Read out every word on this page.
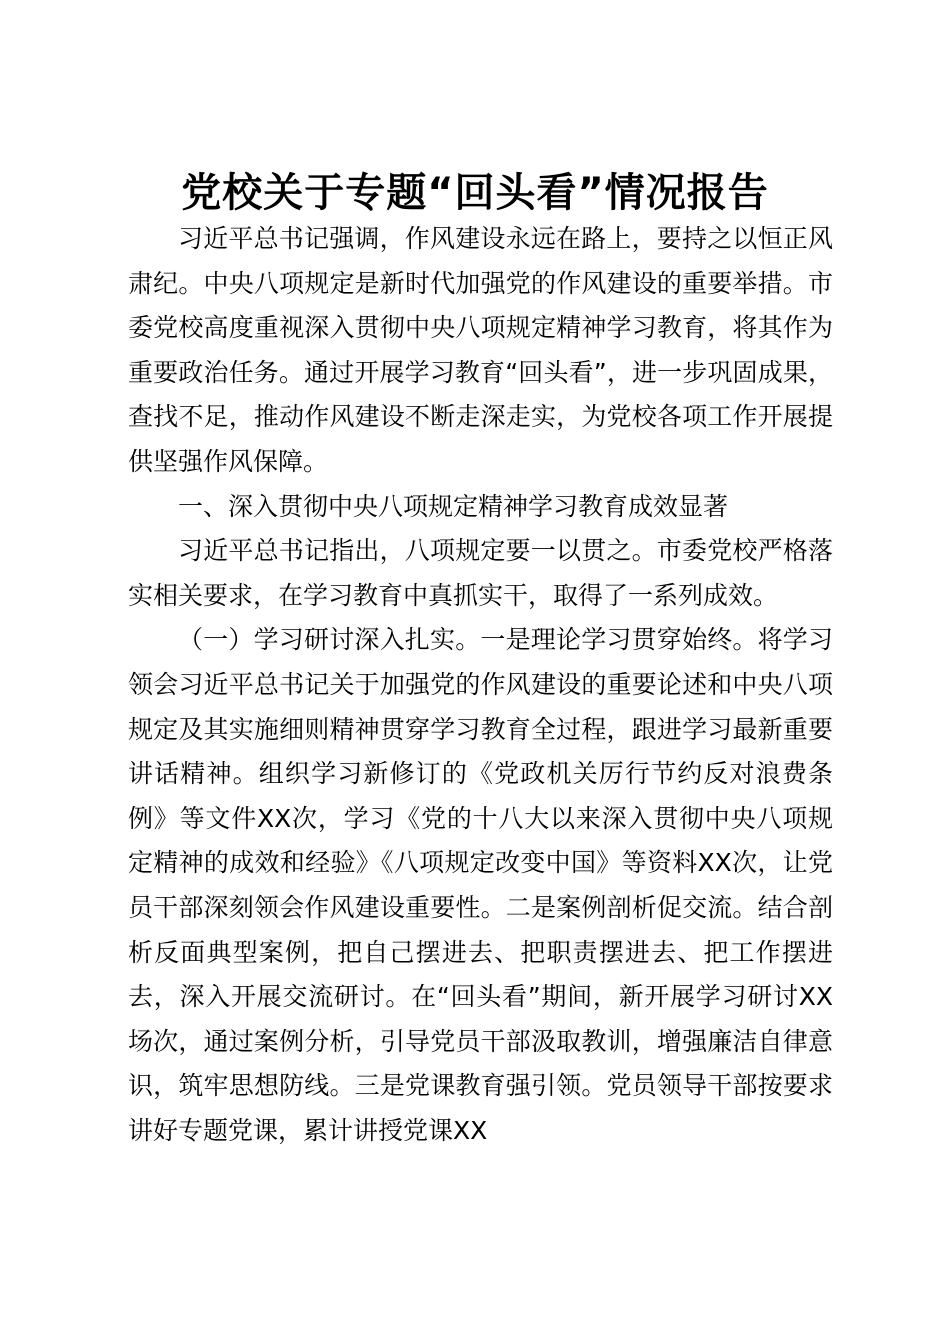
党校关于专题“回头看”情况报告

习近平总书记强调，作风建设永远在路上，要持之以恒正风肃纪。中央八项规定是新时代加强党的作风建设的重要举措。市委党校高度重视深入贯彻中央八项规定精神学习教育，将其作为重要政治任务。通过开展学习教育“回头看”，进一步巩固成果，查找不足，推动作风建设不断走深走实，为党校各项工作开展提供坚强作风保障。

一、深入贯彻中央八项规定精神学习教育成效显著

习近平总书记指出，八项规定要一以贯之。市委党校严格落实相关要求，在学习教育中真抓实干，取得了一系列成效。

（一）学习研讨深入扎实。一是理论学习贯穿始终。将学习领会习近平总书记关于加强党的作风建设的重要论述和中央八项规定及其实施细则精神贯穿学习教育全过程，跟进学习最新重要讲话精神。组织学习新修订的《党政机关厉行节约反对浪费条例》等文件XX次，学习《党的十八大以来深入贯彻中央八项规定精神的成效和经验》《八项规定改变中国》等资料XX次，让党员干部深刻领会作风建设重要性。二是案例剖析促交流。结合剖析反面典型案例，把自己摆进去、把职责摆进去、把工作摆进去，深入开展交流研讨。在“回头看”期间，新开展学习研讨XX场次，通过案例分析，引导党员干部汲取教训，增强廉洁自律意识，筑牢思想防线。三是党课教育强引领。党员领导干部按要求讲好专题党课，累计讲授党课XX
